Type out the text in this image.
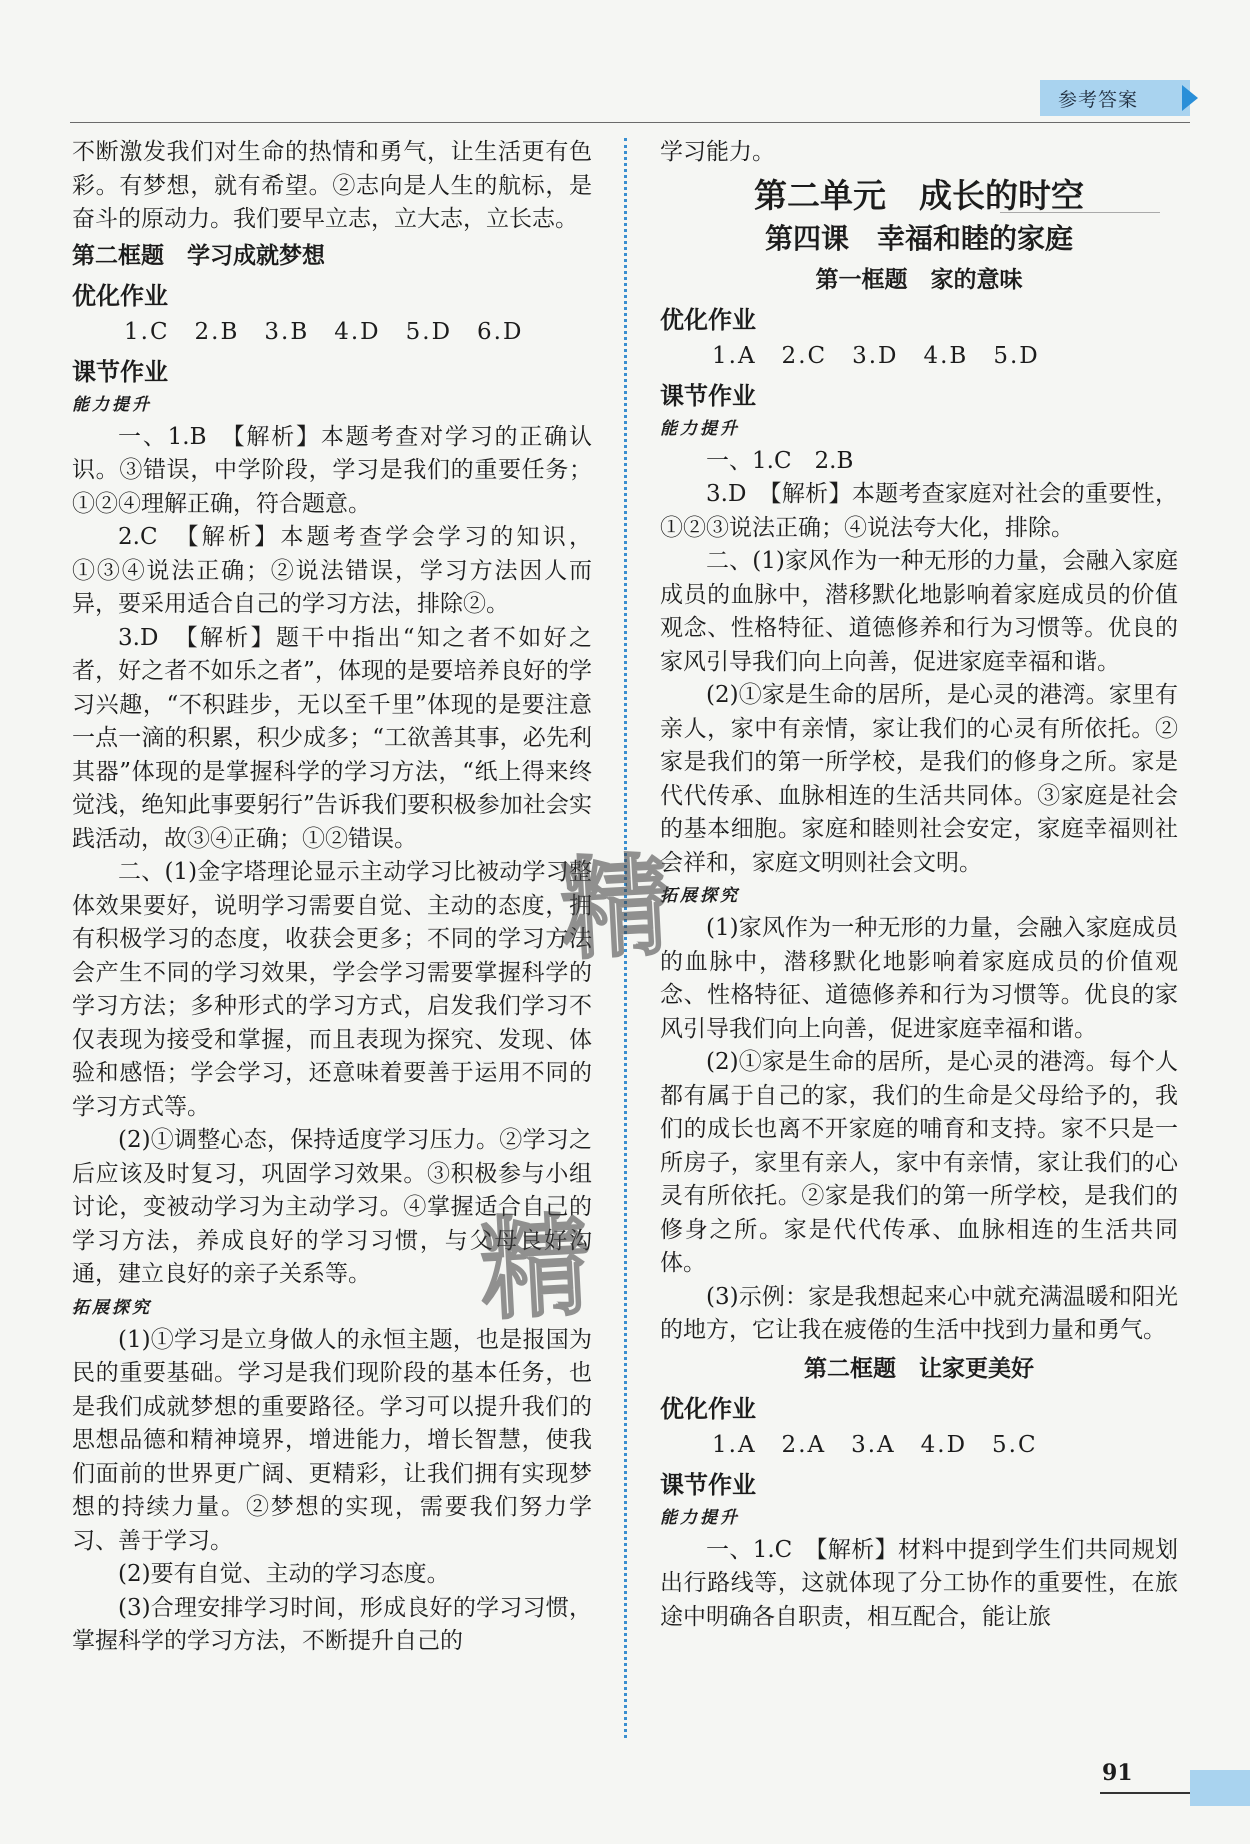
参考答案

不断激发我们对生命的热情和勇气，让生活更有色彩。有梦想，就有希望。②志向是人生的航标，是奋斗的原动力。我们要早立志，立大志，立长志。

第二框题　学习成就梦想

优化作业
1.C　2.B　3.B　4.D　5.D　6.D
课节作业
能力提升

一、1.B　【解析】本题考查对学习的正确认识。③错误，中学阶段，学习是我们的重要任务；①②④理解正确，符合题意。

2.C　【解析】本题考查学会学习的知识，①③④说法正确；②说法错误，学习方法因人而异，要采用适合自己的学习方法，排除②。

3.D　【解析】题干中指出“知之者不如好之者，好之者不如乐之者”，体现的是要培养良好的学习兴趣，“不积跬步，无以至千里”体现的是要注意一点一滴的积累，积少成多；“工欲善其事，必先利其器”体现的是掌握科学的学习方法，“纸上得来终觉浅，绝知此事要躬行”告诉我们要积极参加社会实践活动，故③④正确；①②错误。

二、(1)金字塔理论显示主动学习比被动学习整体效果要好，说明学习需要自觉、主动的态度，拥有积极学习的态度，收获会更多；不同的学习方法会产生不同的学习效果，学会学习需要掌握科学的学习方法；多种形式的学习方式，启发我们学习不仅表现为接受和掌握，而且表现为探究、发现、体验和感悟；学会学习，还意味着要善于运用不同的学习方式等。

(2)①调整心态，保持适度学习压力。②学习之后应该及时复习，巩固学习效果。③积极参与小组讨论，变被动学习为主动学习。④掌握适合自己的学习方法，养成良好的学习习惯，与父母良好沟通，建立良好的亲子关系等。

拓展探究

(1)①学习是立身做人的永恒主题，也是报国为民的重要基础。学习是我们现阶段的基本任务，也是我们成就梦想的重要路径。学习可以提升我们的思想品德和精神境界，增进能力，增长智慧，使我们面前的世界更广阔、更精彩，让我们拥有实现梦想的持续力量。②梦想的实现，需要我们努力学习、善于学习。

(2)要有自觉、主动的学习态度。

(3)合理安排学习时间，形成良好的学习习惯，掌握科学的学习方法，不断提升自己的

学习能力。

第二单元　成长的时空
第四课　幸福和睦的家庭
第一框题　家的意味
优化作业
1.A　2.C　3.D　4.B　5.D
课节作业
能力提升

一、1.C　2.B

3.D　【解析】本题考查家庭对社会的重要性，①②③说法正确；④说法夸大化，排除。

二、(1)家风作为一种无形的力量，会融入家庭成员的血脉中，潜移默化地影响着家庭成员的价值观念、性格特征、道德修养和行为习惯等。优良的家风引导我们向上向善，促进家庭幸福和谐。

(2)①家是生命的居所，是心灵的港湾。家里有亲人，家中有亲情，家让我们的心灵有所依托。②家是我们的第一所学校，是我们的修身之所。家是代代传承、血脉相连的生活共同体。③家庭是社会的基本细胞。家庭和睦则社会安定，家庭幸福则社会祥和，家庭文明则社会文明。

拓展探究

(1)家风作为一种无形的力量，会融入家庭成员的血脉中，潜移默化地影响着家庭成员的价值观念、性格特征、道德修养和行为习惯等。优良的家风引导我们向上向善，促进家庭幸福和谐。

(2)①家是生命的居所，是心灵的港湾。每个人都有属于自己的家，我们的生命是父母给予的，我们的成长也离不开家庭的哺育和支持。家不只是一所房子，家里有亲人，家中有亲情，家让我们的心灵有所依托。②家是我们的第一所学校，是我们的修身之所。家是代代传承、血脉相连的生活共同体。

(3)示例：家是我想起来心中就充满温暖和阳光的地方，它让我在疲倦的生活中找到力量和勇气。

第二框题　让家更美好
优化作业
1.A　2.A　3.A　4.D　5.C
课节作业
能力提升

一、1.C　【解析】材料中提到学生们共同规划出行路线等，这就体现了分工协作的重要性，在旅途中明确各自职责，相互配合，能让旅

精
精
91
